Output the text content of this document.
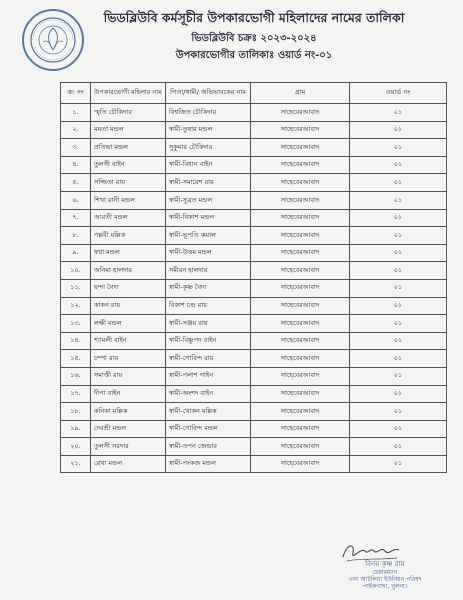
ভিডব্লিউবি কর্মসূচীর উপকারভোগী মহিলাদের নামের তালিকা
ভিডব্লিউবি চক্রঃ ২০২৩-২০২৪
উপকারভোগীর তালিকাঃ ওয়ার্ড নং-০১
ক্র: নং	উপকারভোগী মহিলার নাম	পিতা/স্বামী/ অভিভাবকের নাম	গ্রাম	ওয়ার্ড নং
১.	স্মৃতি চৌকিদার	বিশ্বজিত চৌকিদার	সাহেবেরআবাদ	০১
২.	মমতা মন্ডল	স্বামী-তুষার মন্ডল	সাহেবেরআবাদ	০১
৩.	প্রতিভা মন্ডল	সুকুমার চৌকিদার	সাহেবেরআবাদ	০১
৪.	তুলসী বাইন	স্বামী-বিধান বাইন	সাহেবেরআবাদ	০১
৫.	সজ্জিতা রায়	স্বামী-সমারেশ রায়	সাহেবেরআবাদ	০১
৬.	শিখা রানী মন্ডল	স্বামী-সুব্রত মন্ডল	সাহেবেরআবাদ	০১
৭.	আরতী মন্ডল	স্বামী-বিকাশ মন্ডল	সাহেবেরআবাদ	০১
৮.	পল্লবী মল্লিক	স্বামী-ভূপতি কয়াল	সাহেবেরআবাদ	০১
৯.	স্বপ্না মন্ডল	স্বামী-উত্তম মন্ডল	সাহেবেরআবাদ	০১
১০.	অনিমা হালদার	সমীরন হালদার	সাহেবেরআবাদ	০১
১১.	ছন্দা বৈদ্য	স্বামী-কৃষ্ণ বৈদ্য	সাহেবেরআবাদ	০১
১২.	কাকন রায়	বিকাশ চন্দ্র রায়	সাহেবেরআবাদ	০১
১৩.	লক্ষী মন্ডল	স্বামী-সঞ্জয় রায়	সাহেবেরআবাদ	০১
১৪.	শ্যামলী বাইন	স্বামী-বিষ্ণুপদ বাইন	সাহেবেরআবাদ	০১
১৫.	চম্পা রায়	স্বামী-গোবিন্দ রায়	সাহেবেরআবাদ	০১
১৬.	সমাপ্তী রায়	স্বামী-পলাশ গাইন	সাহেবেরআবাদ	০১
১৭.	দীপা বাইন	স্বামী-অংশদ বাইন	সাহেবেরআবাদ	০১
১৮.	কনিকা মল্লিক	স্বামী-খোকন মল্লিক	সাহেবেরআবাদ	০১
১৯.	দেবশ্রী মন্ডল	স্বামী-গোবিন্দ মন্ডল	সাহেবেরআবাদ	০১
২০.	তুলসী সরদার	স্বামী-তপন জেন্ডার	সাহেবেরআবাদ	০১
২১.	রেখা মন্ডল	স্বামী-পংকজ মন্ডল	সাহেবেরআবাদ	০১
বিনয় কৃষ্ণ রায়
চেয়ারম্যান
৩নং আটলিয়া ইউনিয়ন পরিষদ
পাইকগাছা, খুলনা।
